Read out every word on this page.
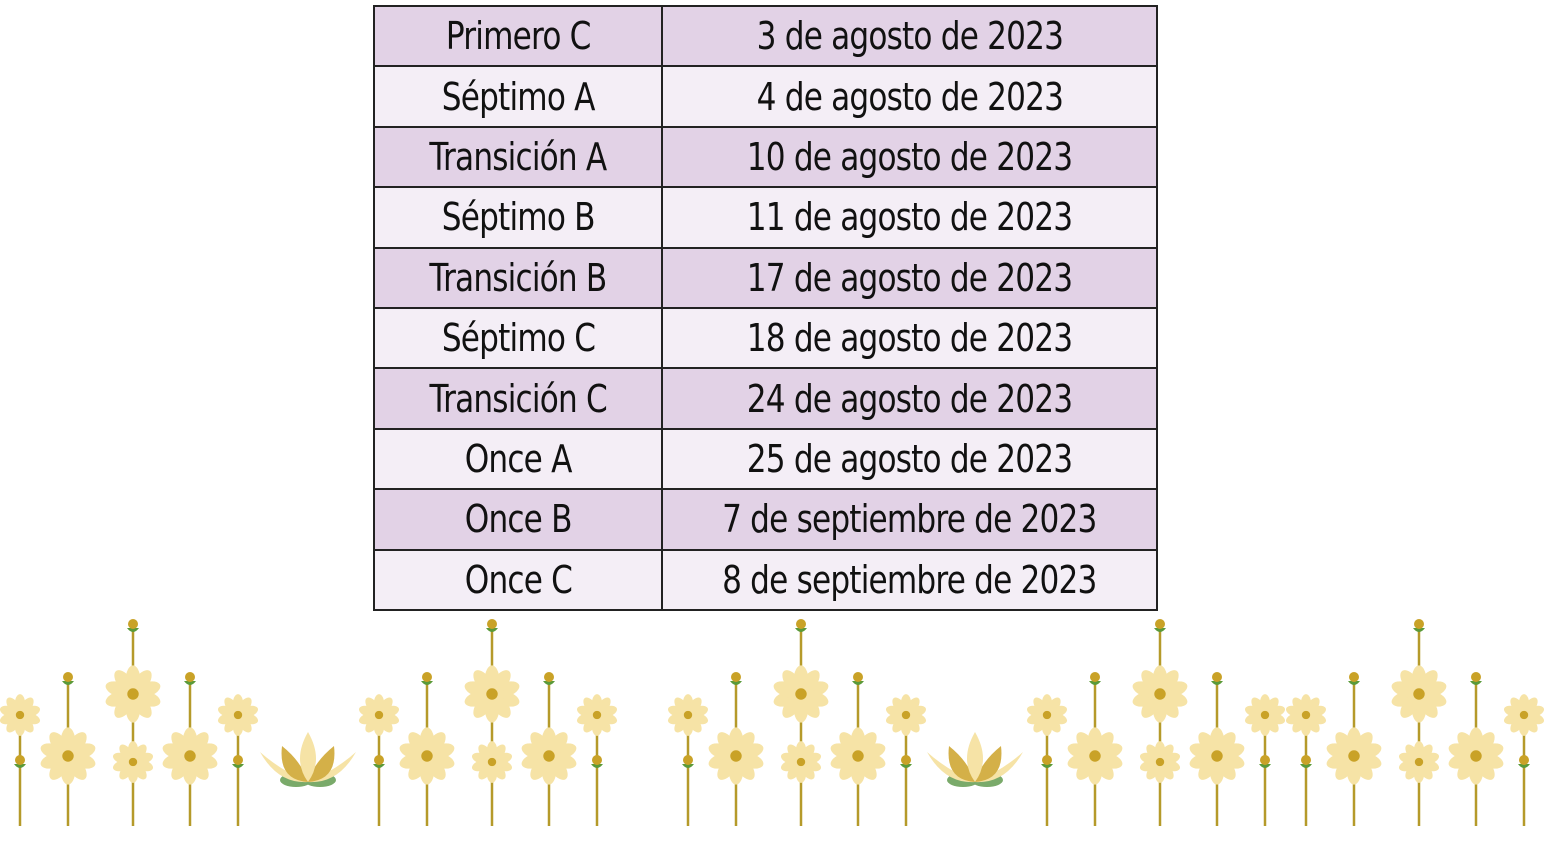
Primero C	3 de agosto de 2023
Séptimo A	4 de agosto de 2023
Transición A	10 de agosto de 2023
Séptimo B	11 de agosto de 2023
Transición B	17 de agosto de 2023
Séptimo C	18 de agosto de 2023
Transición C	24 de agosto de 2023
Once A	25 de agosto de 2023
Once B	7 de septiembre de 2023
Once C	8 de septiembre de 2023
